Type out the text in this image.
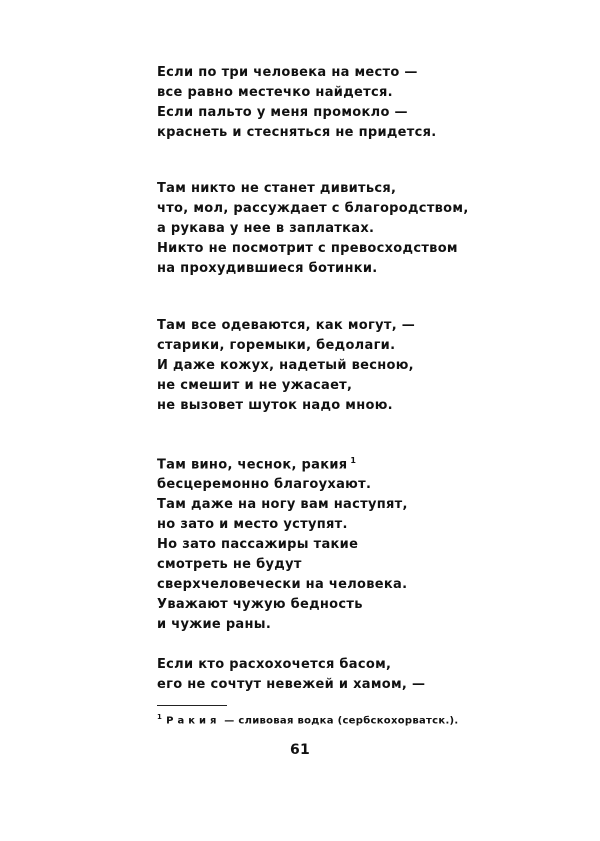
Если по три человека на место —
все равно местечко найдется.
Если пальто у меня промокло —
краснеть и стесняться не придется.
Там никто не станет дивиться,
что, мол, рассуждает с благородством,
а рукава у нее в заплатках.
Никто не посмотрит с превосходством
на прохудившиеся ботинки.
Там все одеваются, как могут, —
старики, горемыки, бедолаги.
И даже кожух, надетый весною,
не смешит и не ужасает,
не вызовет шуток надо мною.
Там вино, чеснок, ракия $^1$
бесцеремонно благоухают.
Там даже на ногу вам наступят,
но зато и место уступят.
Но зато пассажиры такие
смотреть не будут
сверхчеловечески на человека.
Уважают чужую бедность
и чужие раны.
Если кто расхохочется басом,
его не сочтут невежей и хамом, —
$^1$ Ракия — сливовая водка (сербскохорватск.).
61
